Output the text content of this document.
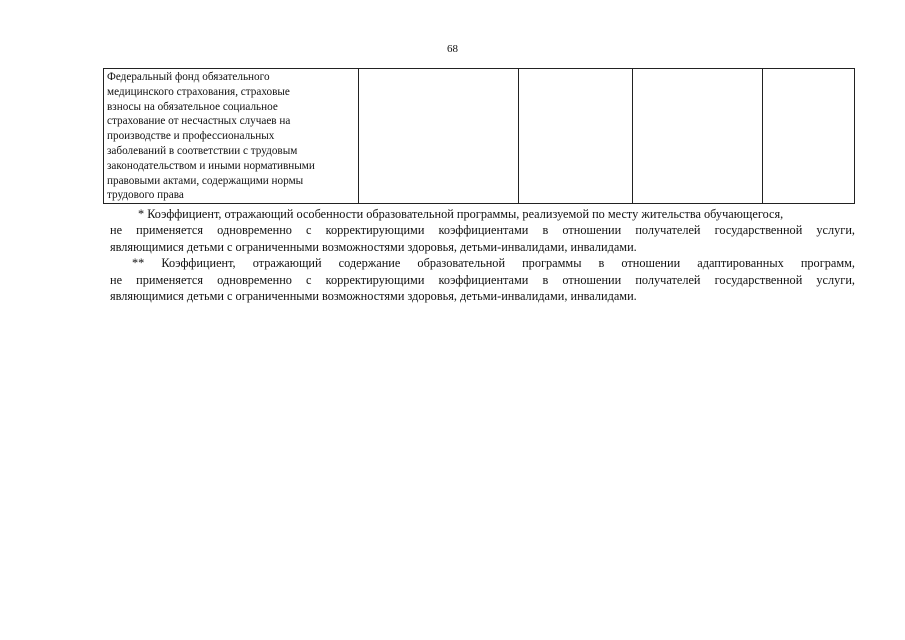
68
Федеральный фонд обязательного
медицинского страхования, страховые
взносы на обязательное социальное
страхование от несчастных случаев на
производстве и профессиональных
заболеваний в соответствии с трудовым
законодательством и иными нормативными
правовыми актами, содержащими нормы
трудового права

* Коэффициент, отражающий особенности образовательной программы, реализуемой по месту жительства обучающегося,
не применяется одновременно с корректирующими коэффициентами в отношении получателей государственной услуги,
являющимися детьми с ограниченными возможностями здоровья, детьми-инвалидами, инвалидами.
** Коэффициент, отражающий содержание образовательной программы в отношении адаптированных программ,
не применяется одновременно с корректирующими коэффициентами в отношении получателей государственной услуги,
являющимися детьми с ограниченными возможностями здоровья, детьми-инвалидами, инвалидами.
